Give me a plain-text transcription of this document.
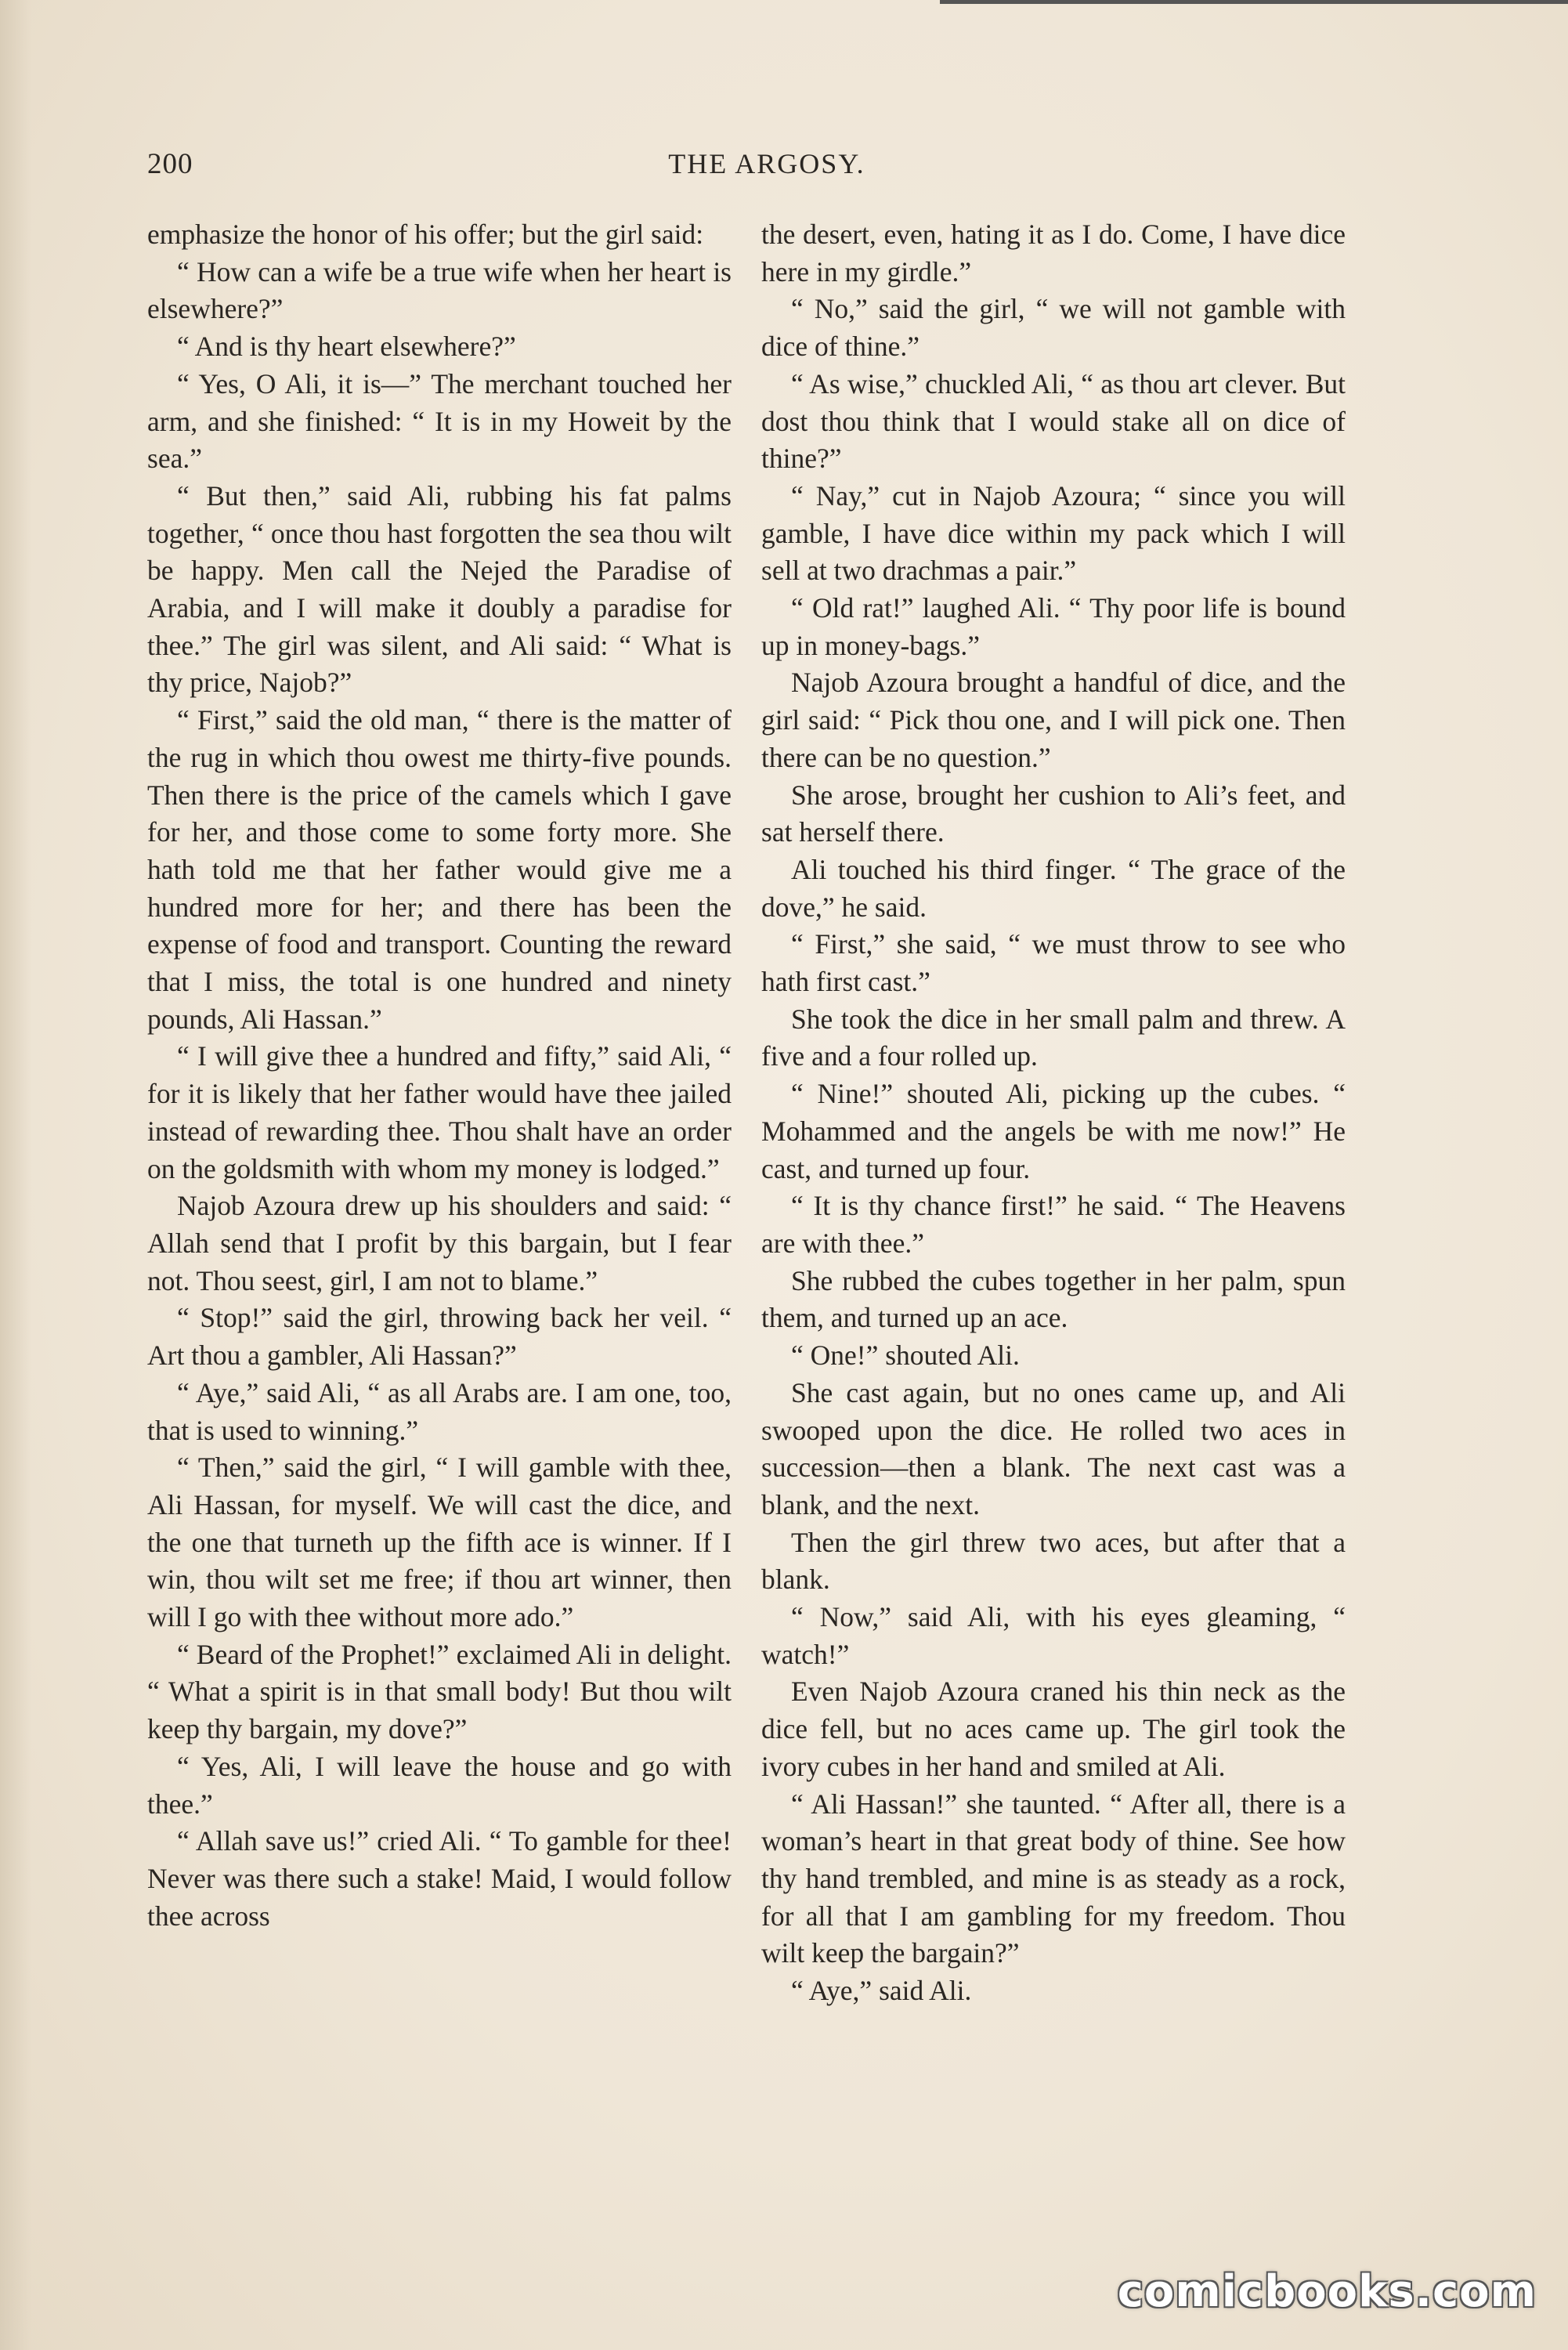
200	THE ARGOSY.

emphasize the honor of his offer; but the girl said:

“ How can a wife be a true wife when her heart is elsewhere?”

“ And is thy heart elsewhere?”

“ Yes, O Ali, it is—” The merchant touched her arm, and she finished: “ It is in my Howeit by the sea.”

“ But then,” said Ali, rubbing his fat palms together, “ once thou hast forgotten the sea thou wilt be happy. Men call the Nejed the Paradise of Arabia, and I will make it doubly a paradise for thee.” The girl was silent, and Ali said: “ What is thy price, Najob?”

“ First,” said the old man, “ there is the matter of the rug in which thou owest me thirty-five pounds. Then there is the price of the camels which I gave for her, and those come to some forty more. She hath told me that her father would give me a hundred more for her; and there has been the expense of food and transport. Counting the reward that I miss, the total is one hundred and ninety pounds, Ali Hassan.”

“ I will give thee a hundred and fifty,” said Ali, “ for it is likely that her father would have thee jailed instead of rewarding thee. Thou shalt have an order on the goldsmith with whom my money is lodged.”

Najob Azoura drew up his shoulders and said: “ Allah send that I profit by this bargain, but I fear not. Thou seest, girl, I am not to blame.”

“ Stop!” said the girl, throwing back her veil. “ Art thou a gambler, Ali Hassan?”

“ Aye,” said Ali, “ as all Arabs are. I am one, too, that is used to winning.”

“ Then,” said the girl, “ I will gamble with thee, Ali Hassan, for myself. We will cast the dice, and the one that turneth up the fifth ace is winner. If I win, thou wilt set me free; if thou art winner, then will I go with thee without more ado.”

“ Beard of the Prophet!” exclaimed Ali in delight. “ What a spirit is in that small body! But thou wilt keep thy bargain, my dove?”

“ Yes, Ali, I will leave the house and go with thee.”

“ Allah save us!” cried Ali. “ To gamble for thee! Never was there such a stake! Maid, I would follow thee across

the desert, even, hating it as I do. Come, I have dice here in my girdle.”

“ No,” said the girl, “ we will not gamble with dice of thine.”

“ As wise,” chuckled Ali, “ as thou art clever. But dost thou think that I would stake all on dice of thine?”

“ Nay,” cut in Najob Azoura; “ since you will gamble, I have dice within my pack which I will sell at two drachmas a pair.”

“ Old rat!” laughed Ali. “ Thy poor life is bound up in money-bags.”

Najob Azoura brought a handful of dice, and the girl said: “ Pick thou one, and I will pick one. Then there can be no question.”

She arose, brought her cushion to Ali’s feet, and sat herself there.

Ali touched his third finger. “ The grace of the dove,” he said.

“ First,” she said, “ we must throw to see who hath first cast.”

She took the dice in her small palm and threw. A five and a four rolled up.

“ Nine!” shouted Ali, picking up the cubes. “ Mohammed and the angels be with me now!” He cast, and turned up four.

“ It is thy chance first!” he said. “ The Heavens are with thee.”

She rubbed the cubes together in her palm, spun them, and turned up an ace.

“ One!” shouted Ali.

She cast again, but no ones came up, and Ali swooped upon the dice. He rolled two aces in succession—then a blank. The next cast was a blank, and the next.

Then the girl threw two aces, but after that a blank.

“ Now,” said Ali, with his eyes gleaming, “ watch!”

Even Najob Azoura craned his thin neck as the dice fell, but no aces came up. The girl took the ivory cubes in her hand and smiled at Ali.

“ Ali Hassan!” she taunted. “ After all, there is a woman’s heart in that great body of thine. See how thy hand trembled, and mine is as steady as a rock, for all that I am gambling for my freedom. Thou wilt keep the bargain?”

“ Aye,” said Ali.

comicbooks.com
